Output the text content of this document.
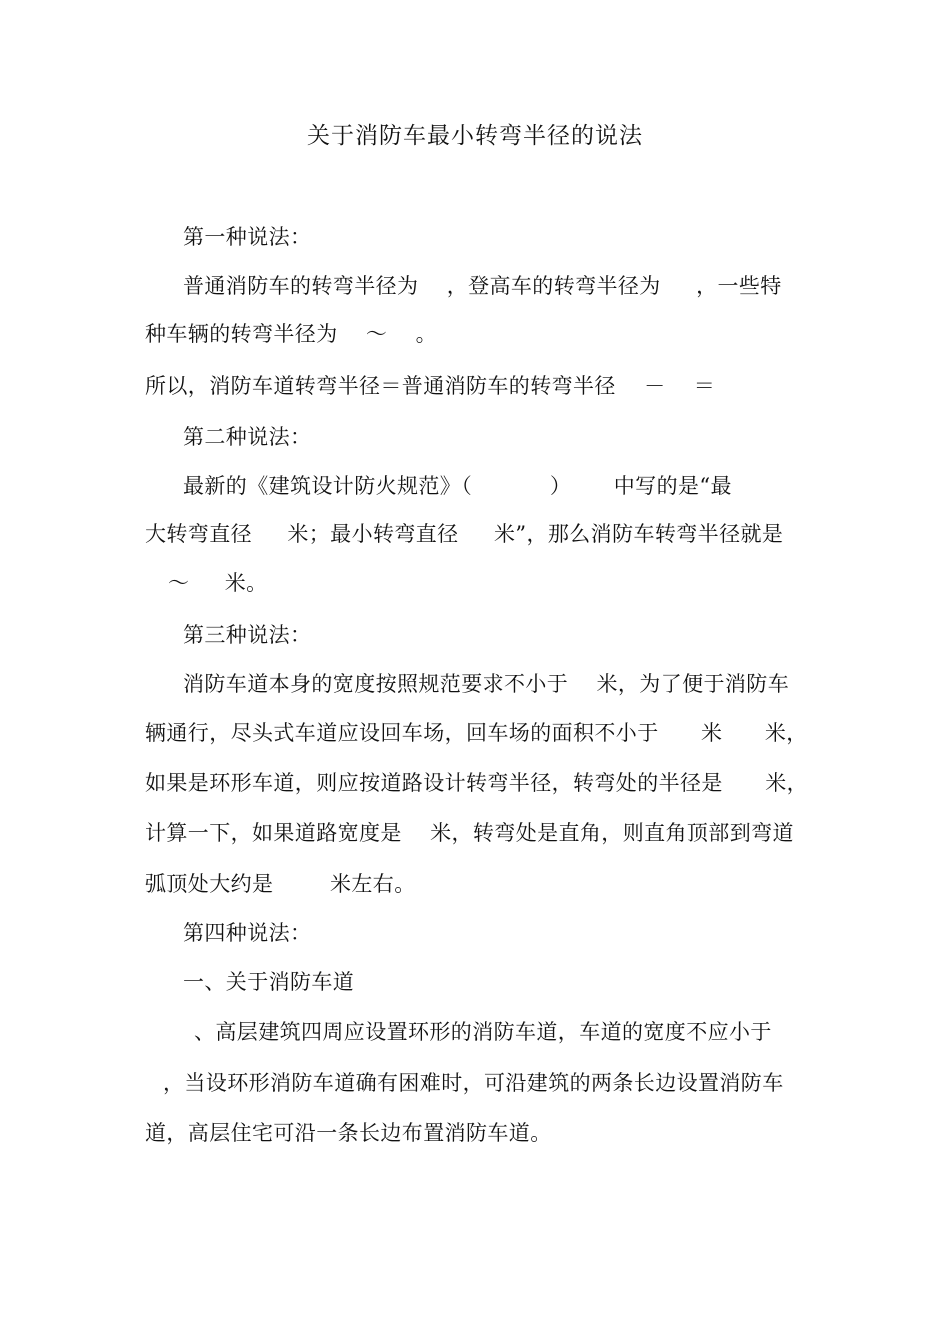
关于消防车最小转弯半径的说法
第一种说法：
普通消防车的转弯半径为    ，登高车的转弯半径为     ，一些特
种车辆的转弯半径为    ～    。
所以，消防车道转弯半径＝普通消防车的转弯半径    －    ＝
第二种说法：
最新的《建筑设计防火规范》（           ）      中写的是“最
大转弯直径     米；最小转弯直径     米”，那么消防车转弯半径就是
～     米。
第三种说法：
消防车道本身的宽度按照规范要求不小于    米，为了便于消防车
辆通行，尽头式车道应设回车场，回车场的面积不小于      米      米，
如果是环形车道，则应按道路设计转弯半径，转弯处的半径是      米，
计算一下，如果道路宽度是    米，转弯处是直角，则直角顶部到弯道
弧顶处大约是        米左右。
第四种说法：
一、关于消防车道
、高层建筑四周应设置环形的消防车道，车道的宽度不应小于
，当设环形消防车道确有困难时，可沿建筑的两条长边设置消防车
道，高层住宅可沿一条长边布置消防车道。
